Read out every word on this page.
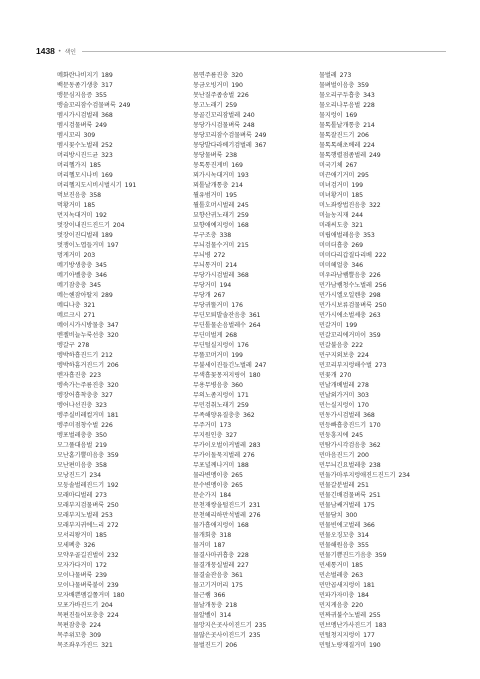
1438 • 색인
메화란나비지기 189
백문동좀기생충 317
맹문심지음증 355
맹술꼬리잠수검물벼룩 249
멤시가시검벌레 368
멤시검물벼룩 249
멤시꼬리 309
멤시꽃수노벌레 252
머리방시진드균 323
머리헬가지 185
머리헬모시나비 169
머리헬지도시비시벌시기 191
먹보진음충 358
먹황거미 185
먼지녹대거미 192
멋장이내진드진드기 204
멋장이진디벌레 189
멋쟁이노엽들거미 197
멍게거미 203
메기방생충충 345
메기아벨충충 346
메기잠충충 345
메는헨잠아딸지 289
메디나충 321
메르크시 271
메이시가시방물충 347
멘젤비늘누룩선충 320
멩갈구 278
멩박하흡진드기 212
멩박하흠거진드기 206
멘자흡진충 223
멩속가는주름진충 320
멩장어흡착충충 327
멩어나선진충 323
멩주실비레컬거미 181
멩주미점창수벌 226
멩포벌레충충 350
모그풀대음벌 219
모난홈기뿔미음충 359
모난편미음충 358
모낭진드기 234
모둥솔벌레진드기 192
모래마디벌레 273
모래부지검물벼룩 250
모래부지노벌레 253
모래부지귀에느리 272
모서리왕거미 185
모세펙충 326
모약우골길진벌이 232
모자가다거미 172
모이나물벼룩 239
모이나물벼룩붙이 239
모자배쁜멤길쫄거미 180
모포가바진드기 204
목편진들어포충충 224
목편잠충충 224
목주위꼬충 309
목조좌우가진드 321
몸면주름진충 320
몽금오빙거미 190
못난질주좁송벌 226
몽고노래기 259
몽골긴꼬리잠벌레 240
몽당가시검물벼룩 248
몽당꼬리잠수검물벼룩 249
몽당발다라베기검벌레 367
몽당물벼룩 238
몽톡통진게비 169
뫼가시녹대거미 193
뫼톨날개통충 214
뭘유범거미 195
뭘톨호머시벌레 245
묘향산귀노래기 259
묘향애예지렁이 168
무구조충 338
무늬검물수거미 215
무늬병 272
무늬통거미 214
무당가시검벌레 368
무당거미 194
무당개 267
무당귀뚤거미 176
무딘모퇴발솔잔음충 361
무딘톨물손음벌레수 264
무딘미벌게 268
무딘털실지렁이 176
무뚤꼬머거미 199
무불세이진들긴노벌레 247
무색흡꽃몽저지링이 180
무용무병음충 360
무의노좀지렁이 171
무민검취노래기 259
무족해양유질충충 362
무주거미 173
무지원인충 327
무카이오벌이커벌레 283
무카이돌묵지벌레 276
무포널께나거미 188
물라변멩이충 265
문수변멩이충 265
문순가지 184
문천재쌍을털진드기 231
문천헤리하만석벌레 276
물가흡애지렁이 168
물개회충 318
물거미 187
물결사마귀흡충 228
물결개뭉실벌레 227
물결술잔음충 361
물고기거머리 175
물근쌤 366
물날개동충 218
물알벨이 314
물망지은곳사이진드기 235
물많은곳사이진드기 235
물벌진드기 206
물벌레 273
물벼벌이음충 359
물오리구두흡충 343
물오리나무음벌 228
물지렁이 169
물톡톨날개통충 214
물톡잘진드기 206
물톡톡해초베레 224
물톡행렬점좀벌레 249
미국기체 267
미끈애기거미 295
미녀검거미 199
미녀황거미 185
미노좌쌍법진음충 322
미늘농지재 244
미래씨도충 321
미립애벌레음충 353
미미더흡충 269
미미다리갑질다리베 222
미미헤얼충 346
미우라남쌤쁠음충 226
민가남쌤청수노벌레 256
민가시엘오일렌충 298
민가시보류검물벼룩 250
민가시에소벌셰충 263
민갈거미 199
민갈꼬리에거미이 359
민갈불음충 222
민구지외보충 224
민꼬리부지렁해수벌 273
민꽃개 270
민날개베벌레 278
민날외가거미 303
민는실지렁이 170
민동가시검벌레 368
민등빠흡충진드기 170
민둥흥지에 245
민탐가시각검음충 362
민마음진드기 200
민무늬긴요벌레충 238
민둘가마루지렁애진드진드기 234
민물갈분벌레 251
민물긴배검물벼룩 251
민물남쌔거벌레 175
민물담치 300
민물빈에고벌레 366
민물오징꼬충 314
민물해원음충 355
민물기쁨진드기음충 359
민세통거미 185
민손벌레충 263
민만곱새지렁이 181
민파가자미충 184
민지게음충 220
민짜귀불수노벌레 255
민브멩난가사진드기 183
민털청지지렁이 177
민털노랑재질거미 190
